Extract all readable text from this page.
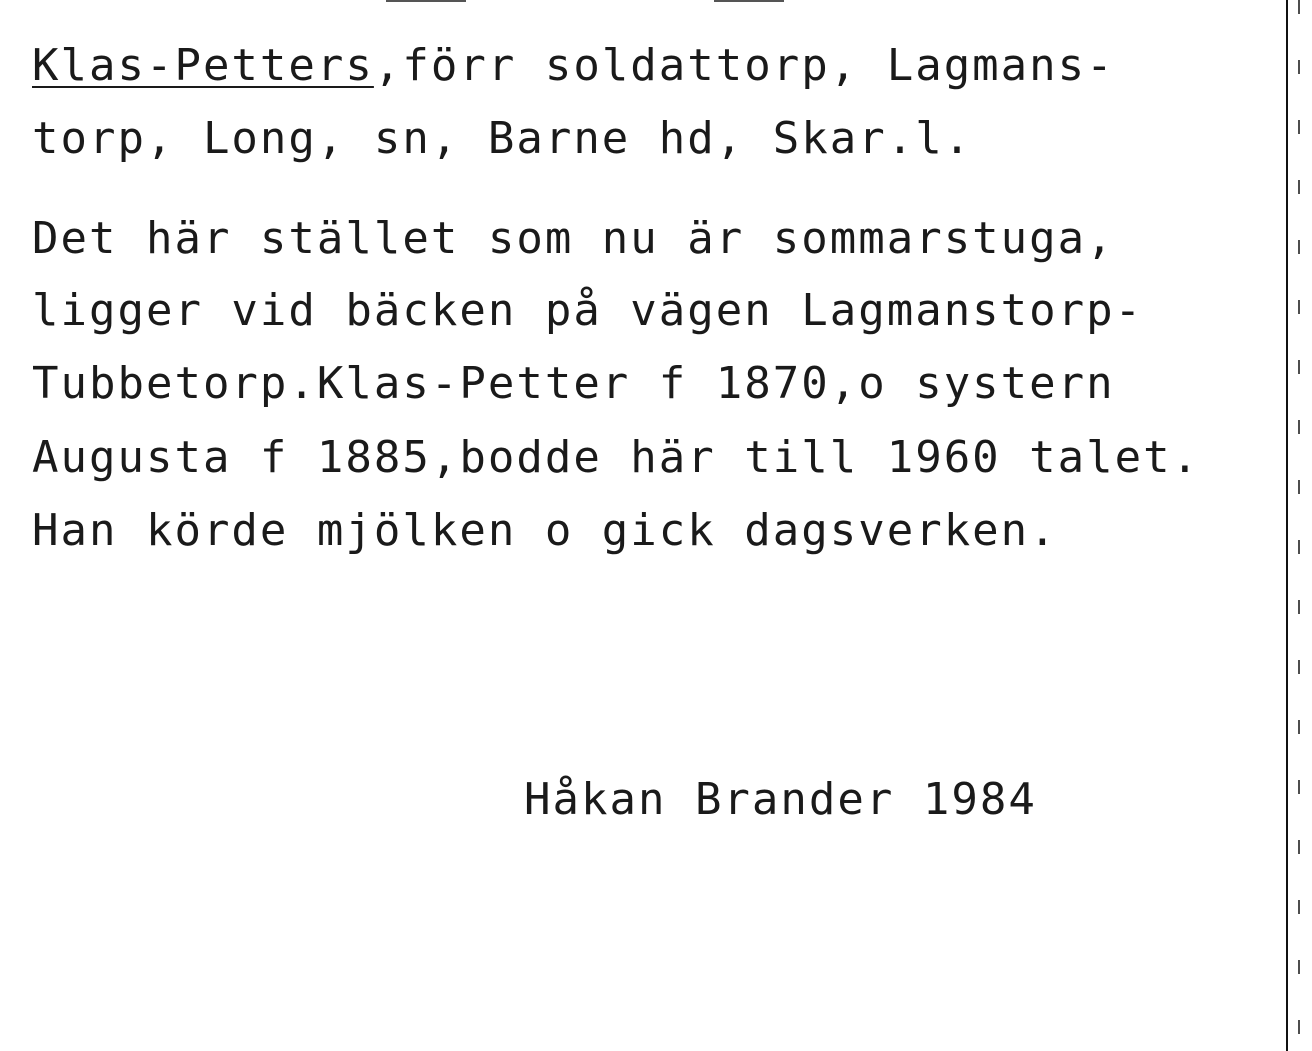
Klas-Petters,förr soldattorp, Lagmans-

torp, Long, sn, Barne hd, Skar.l.

Det här stället som nu är sommarstuga,

ligger vid bäcken på vägen Lagmanstorp-

Tubbetorp.Klas-Petter f 1870,o systern

Augusta f 1885,bodde här till 1960 talet.

Han körde mjölken o gick dagsverken.

Håkan Brander 1984
